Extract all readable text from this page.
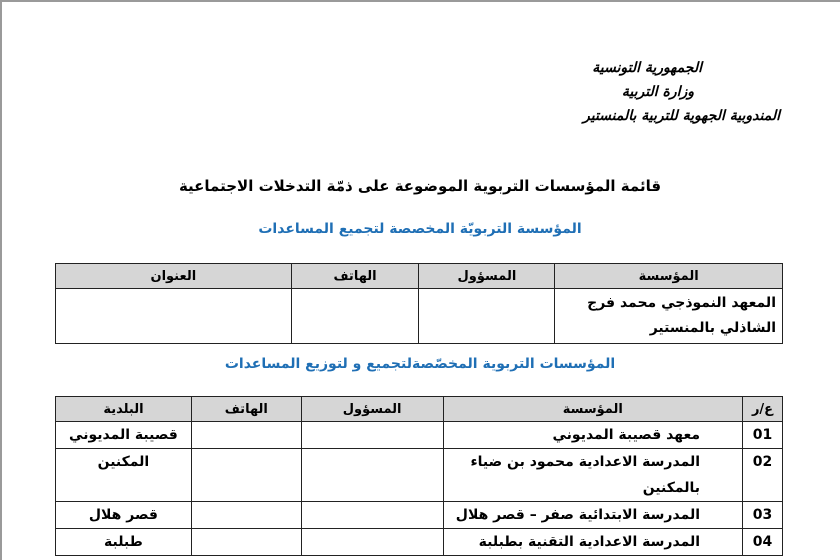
الجمهورية التونسية
وزارة التربية
المندوبية الجهوية للتربية بالمنستير
قائمة المؤسسات التربوية الموضوعة على ذمّة التدخلات الاجتماعية
المؤسسة التربويّة المخصصة لتجميع المساعدات
المؤسسة	المسؤول	الهاتف	العنوان

المعهد النموذجي محمد فرج
الشاذلي بالمنستير			

المؤسسات التربوية المخصّصةلتجميع و لتوزيع المساعدات
ع/ر	المؤسسة	المسؤول	الهاتف	البلدية
01	معهد قصيبة المديوني			قصيبة المديوني
02	المدرسة الاعدادية محمود بن ضياء
بالمكنين			المكنين
03	المدرسة الابتدائية صفر – قصر هلال			قصر هلال
04	المدرسة الاعدادية التقنية بطبلبة			طبلبة
